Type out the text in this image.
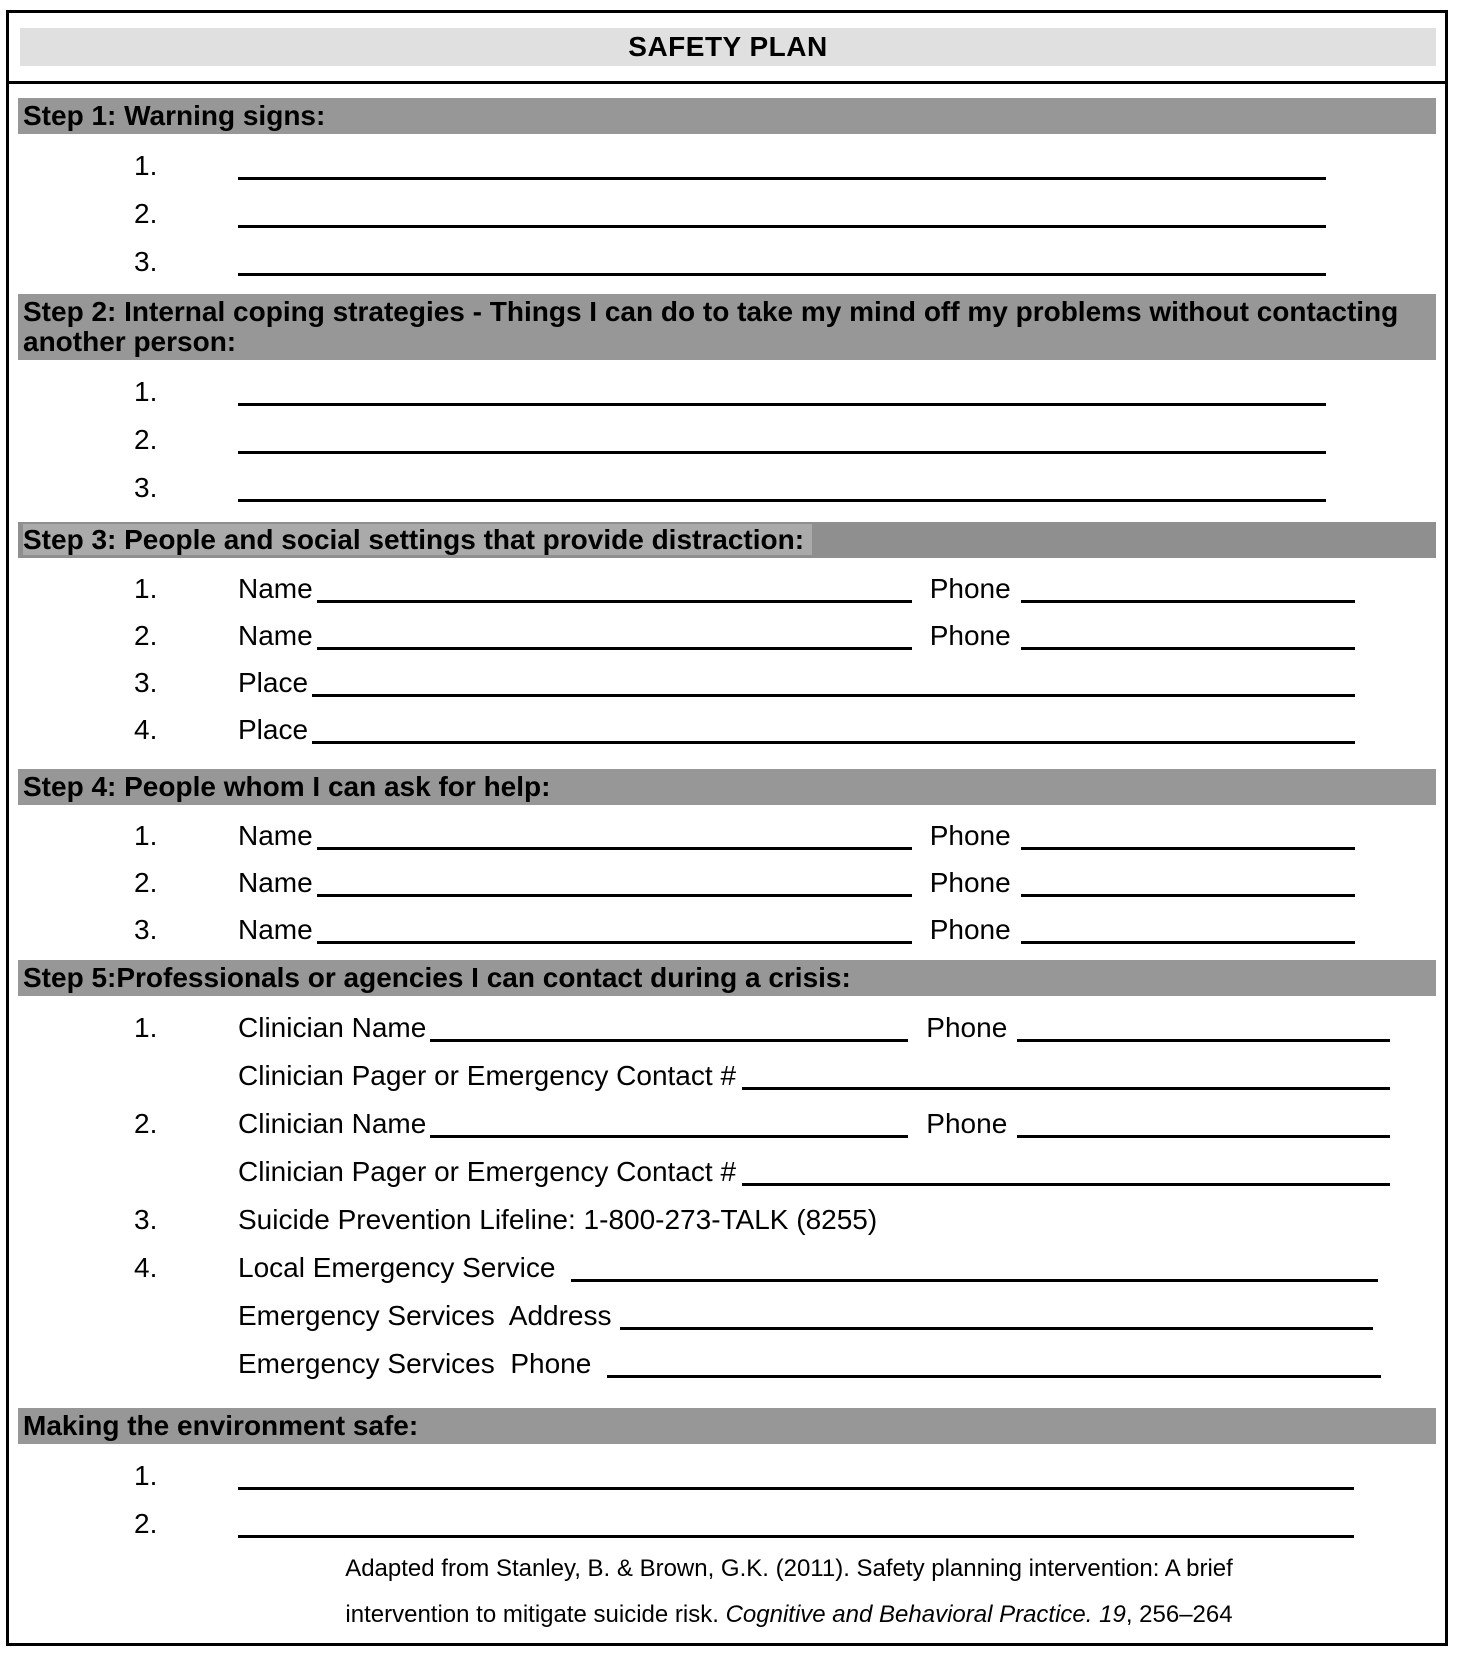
SAFETY PLAN
Step 1: Warning signs:
1.
2.
3.
Step 2: Internal coping strategies - Things I can do to take my mind off my problems without contacting another person:
1.
2.
3.
Step 3: People and social settings that provide distraction:
1.	Name	Phone
2.	Name	Phone
3.	Place
4.	Place
Step 4: People whom I can ask for help:
1.	Name	Phone
2.	Name	Phone
3.	Name	Phone
Step 5:Professionals or agencies I can contact during a crisis:
1.	Clinician Name	Phone
Clinician Pager or Emergency Contact #
2.	Clinician Name	Phone
Clinician Pager or Emergency Contact #
3.	Suicide Prevention Lifeline: 1-800-273-TALK (8255)
4.	Local Emergency Service
Emergency Services  Address
Emergency Services  Phone
Making the environment safe:
1.
2.
Adapted from Stanley, B. & Brown, G.K. (2011). Safety planning intervention: A brief
intervention to mitigate suicide risk. Cognitive and Behavioral Practice. 19, 256–264
